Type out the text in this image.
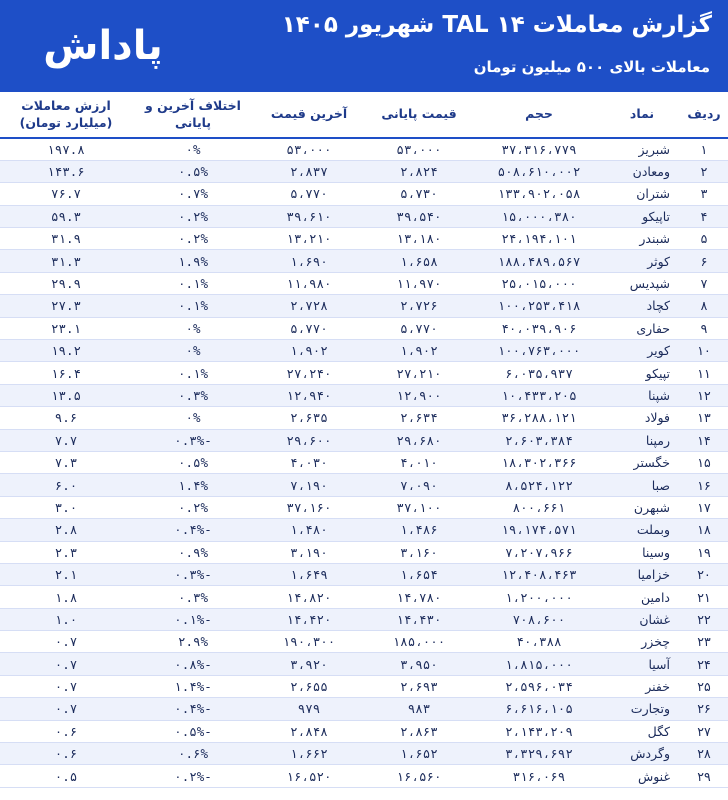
گزارش معاملات TAL ۱۴ شهریور ۱۴۰۵
معاملات بالای ۵۰۰ میلیون تومان
پاداش
ردیف	نماد	حجم	قیمت پایانی	آخرین قیمت	اختلاف آخرین و پایانی	ارزش معاملات (میلیارد تومان)
۱	شبریز	۳۷،۳۱۶،۷۷۹	۵۳،۰۰۰	۵۳،۰۰۰	۰%	۱۹۷.۸
۲	ومعادن	۵۰۸،۶۱۰،۰۰۲	۲،۸۲۴	۲،۸۳۷	۰.۵%	۱۴۳.۶
۳	شتران	۱۳۳،۹۰۲،۰۵۸	۵،۷۳۰	۵،۷۷۰	۰.۷%	۷۶.۷
۴	تاپیکو	۱۵،۰۰۰،۳۸۰	۳۹،۵۴۰	۳۹،۶۱۰	۰.۲%	۵۹.۳
۵	شبندر	۲۴،۱۹۴،۱۰۱	۱۳،۱۸۰	۱۳،۲۱۰	۰.۲%	۳۱.۹
۶	کوثر	۱۸۸،۴۸۹،۵۶۷	۱،۶۵۸	۱،۶۹۰	۱.۹%	۳۱.۳
۷	شپدیس	۲۵،۰۱۵،۰۰۰	۱۱،۹۷۰	۱۱،۹۸۰	۰.۱%	۲۹.۹
۸	کچاد	۱۰۰،۲۵۳،۴۱۸	۲،۷۲۶	۲،۷۲۸	۰.۱%	۲۷.۳
۹	حفاری	۴۰،۰۳۹،۹۰۶	۵،۷۷۰	۵،۷۷۰	۰%	۲۳.۱
۱۰	کویر	۱۰۰،۷۶۳،۰۰۰	۱،۹۰۲	۱،۹۰۲	۰%	۱۹.۲
۱۱	تپیکو	۶،۰۳۵،۹۳۷	۲۷،۲۱۰	۲۷،۲۴۰	۰.۱%	۱۶.۴
۱۲	شپنا	۱۰،۴۳۳،۲۰۵	۱۲،۹۰۰	۱۲،۹۴۰	۰.۳%	۱۳.۵
۱۳	فولاد	۳۶،۲۸۸،۱۲۱	۲،۶۳۴	۲،۶۳۵	۰%	۹.۶
۱۴	رمپنا	۲،۶۰۳،۳۸۴	۲۹،۶۸۰	۲۹،۶۰۰	-۰.۳%	۷.۷
۱۵	خگستر	۱۸،۳۰۲،۳۶۶	۴،۰۱۰	۴،۰۳۰	۰.۵%	۷.۳
۱۶	صبا	۸،۵۲۴،۱۲۲	۷،۰۹۰	۷،۱۹۰	۱.۴%	۶.۰
۱۷	شبهرن	۸۰۰،۶۶۱	۳۷،۱۰۰	۳۷،۱۶۰	۰.۲%	۳.۰
۱۸	وبملت	۱۹،۱۷۴،۵۷۱	۱،۴۸۶	۱،۴۸۰	-۰.۴%	۲.۸
۱۹	وسینا	۷،۲۰۷،۹۶۶	۳،۱۶۰	۳،۱۹۰	۰.۹%	۲.۳
۲۰	خزامیا	۱۲،۴۰۸،۴۶۳	۱،۶۵۴	۱،۶۴۹	-۰.۳%	۲.۱
۲۱	دامین	۱،۲۰۰،۰۰۰	۱۴،۷۸۰	۱۴،۸۲۰	۰.۳%	۱.۸
۲۲	غشان	۷۰۸،۶۰۰	۱۴،۴۳۰	۱۴،۴۲۰	-۰.۱%	۱.۰
۲۳	چخزر	۴۰،۳۸۸	۱۸۵،۰۰۰	۱۹۰،۳۰۰	۲.۹%	۰.۷
۲۴	آسیا	۱،۸۱۵،۰۰۰	۳،۹۵۰	۳،۹۲۰	-۰.۸%	۰.۷
۲۵	خفنر	۲،۵۹۶،۰۳۴	۲،۶۹۳	۲،۶۵۵	-۱.۴%	۰.۷
۲۶	وتجارت	۶،۶۱۶،۱۰۵	۹۸۳	۹۷۹	-۰.۴%	۰.۷
۲۷	کگل	۲،۱۴۳،۲۰۹	۲،۸۶۳	۲،۸۴۸	-۰.۵%	۰.۶
۲۸	وگردش	۳،۳۲۹،۶۹۲	۱،۶۵۲	۱،۶۶۲	۰.۶%	۰.۶
۲۹	غنوش	۳۱۶،۰۶۹	۱۶،۵۶۰	۱۶،۵۲۰	-۰.۲%	۰.۵
